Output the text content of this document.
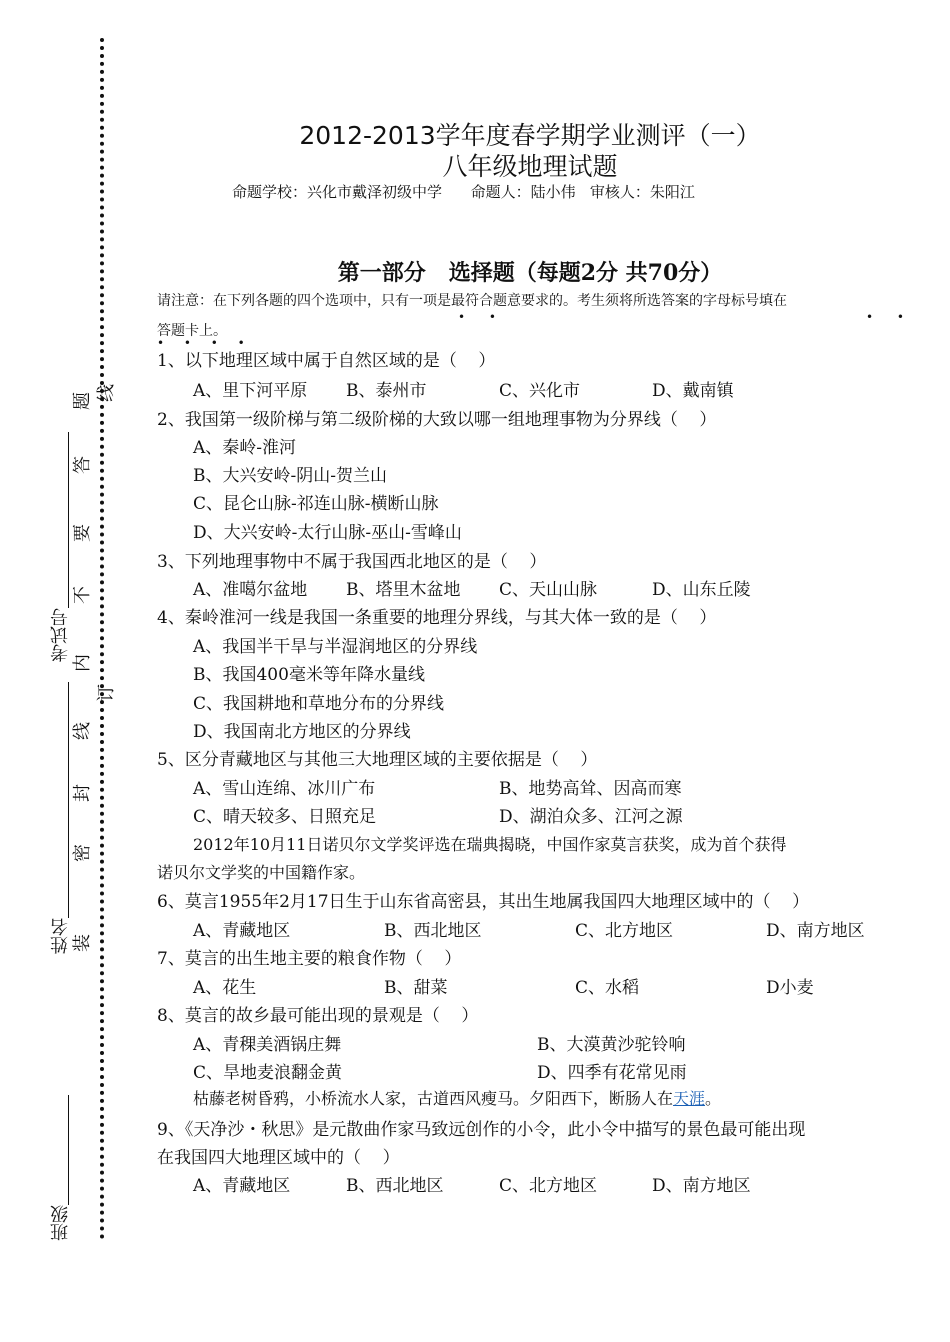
班级
姓名
考试号
装
密
封
线
订
内
不
要
答
题 线
2012-2013学年度春学期学业测评（一）
八年级地理试题
命题学校：兴化市戴泽初级中学      命题人：陆小伟   审核人：朱阳江
第一部分   选择题（每题2分 共70分）
请注意：在下列各题的四个选项中，只有一项是最符合题意要求的。考生须将所选答案的字母标号填在
答题卡上。
• •	• •
• • • •
1、以下地理区域中属于自然区域的是（    ）
A、里下河平原 B、泰州市	C、兴化市	D、戴南镇
2、我国第一级阶梯与第二级阶梯的大致以哪一组地理事物为分界线（    ）
A、秦岭-淮河
B、大兴安岭-阴山-贺兰山
C、昆仑山脉-祁连山脉-横断山脉
D、大兴安岭-太行山脉-巫山-雪峰山
3、下列地理事物中不属于我国西北地区的是（    ）
A、准噶尔盆地 B、塔里木盆地 C、天山山脉	D、山东丘陵
4、秦岭淮河一线是我国一条重要的地理分界线，与其大体一致的是（    ）
A、我国半干旱与半湿润地区的分界线
B、我国400毫米等年降水量线
C、我国耕地和草地分布的分界线
D、我国南北方地区的分界线
5、区分青藏地区与其他三大地理区域的主要依据是（    ）
A、雪山连绵、冰川广布	B、地势高耸、因高而寒
C、晴天较多、日照充足	D、湖泊众多、江河之源
2012年10月11日诺贝尔文学奖评选在瑞典揭晓，中国作家莫言获奖，成为首个获得
诺贝尔文学奖的中国籍作家。
6、莫言1955年2月17日生于山东省高密县，其出生地属我国四大地理区域中的（    ）
A、青藏地区	B、西北地区	C、北方地区	D、南方地区
7、莫言的出生地主要的粮食作物（    ）
A、花生	B、甜菜	C、水稻	D小麦
8、莫言的故乡最可能出现的景观是（    ）
A、青稞美酒锅庄舞	B、大漠黄沙驼铃响
C、旱地麦浪翻金黄	D、四季有花常见雨
枯藤老树昏鸦，小桥流水人家，古道西风瘦马。夕阳西下，断肠人在天涯。
9、《天净沙・秋思》是元散曲作家马致远创作的小令，此小令中描写的景色最可能出现
在我国四大地理区域中的（    ）
A、青藏地区	B、西北地区	C、北方地区	D、南方地区
